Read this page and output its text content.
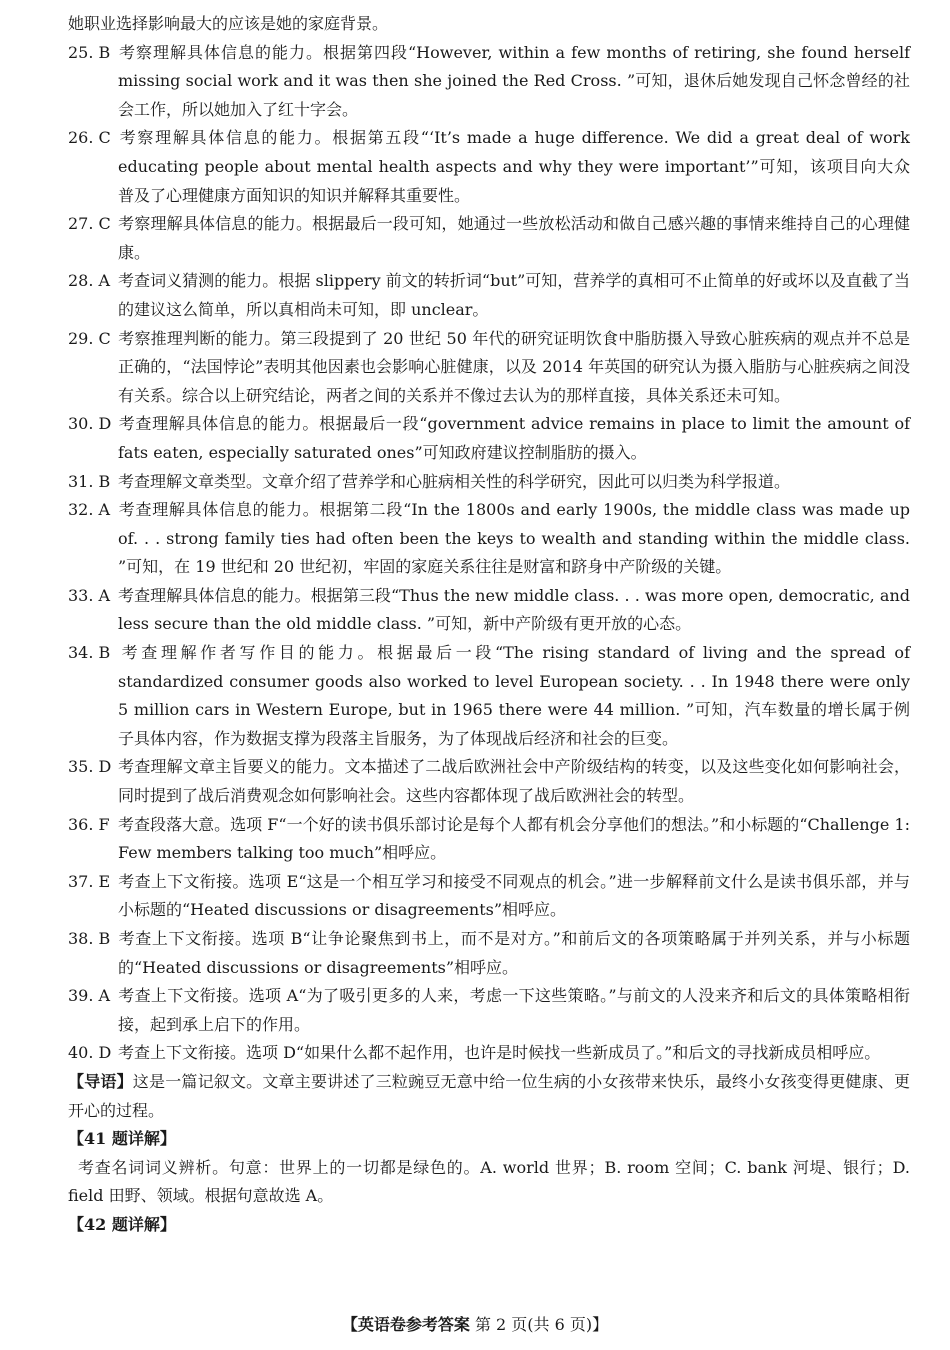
她职业选择影响最大的应该是她的家庭背景。

25. B 考察理解具体信息的能力。根据第四段“However, within a few months of retiring, she found herself missing social work and it was then she joined the Red Cross. ”可知，退休后她发现自己怀念曾经的社会工作，所以她加入了红十字会。

26. C 考察理解具体信息的能力。根据第五段“‘It’s made a huge difference. We did a great deal of work educating people about mental health aspects and why they were important’”可知，该项目向大众普及了心理健康方面知识的知识并解释其重要性。

27. C 考察理解具体信息的能力。根据最后一段可知，她通过一些放松活动和做自己感兴趣的事情来维持自己的心理健康。

28. A 考查词义猜测的能力。根据 slippery 前文的转折词“but”可知，营养学的真相可不止简单的好或坏以及直截了当的建议这么简单，所以真相尚未可知，即 unclear。

29. C 考察推理判断的能力。第三段提到了 20 世纪 50 年代的研究证明饮食中脂肪摄入导致心脏疾病的观点并不总是正确的，“法国悖论”表明其他因素也会影响心脏健康，以及 2014 年英国的研究认为摄入脂肪与心脏疾病之间没有关系。综合以上研究结论，两者之间的关系并不像过去认为的那样直接，具体关系还未可知。

30. D 考查理解具体信息的能力。根据最后一段“government advice remains in place to limit the amount of fats eaten, especially saturated ones”可知政府建议控制脂肪的摄入。

31. B 考查理解文章类型。文章介绍了营养学和心脏病相关性的科学研究，因此可以归类为科学报道。

32. A 考查理解具体信息的能力。根据第二段“In the 1800s and early 1900s, the middle class was made up of. . . strong family ties had often been the keys to wealth and standing within the middle class. ”可知，在 19 世纪和 20 世纪初，牢固的家庭关系往往是财富和跻身中产阶级的关键。

33. A 考查理解具体信息的能力。根据第三段“Thus the new middle class. . . was more open, democratic, and less secure than the old middle class. ”可知，新中产阶级有更开放的心态。

34. B 考查理解作者写作目的能力。根据最后一段“The rising standard of living and the spread of standardized consumer goods also worked to level European society. . . In 1948 there were only 5 million cars in Western Europe, but in 1965 there were 44 million. ”可知，汽车数量的增长属于例子具体内容，作为数据支撑为段落主旨服务，为了体现战后经济和社会的巨变。

35. D 考查理解文章主旨要义的能力。文本描述了二战后欧洲社会中产阶级结构的转变，以及这些变化如何影响社会，同时提到了战后消费观念如何影响社会。这些内容都体现了战后欧洲社会的转型。

36. F 考查段落大意。选项 F“一个好的读书俱乐部讨论是每个人都有机会分享他们的想法。”和小标题的“Challenge 1: Few members talking too much”相呼应。

37. E 考查上下文衔接。选项 E“这是一个相互学习和接受不同观点的机会。”进一步解释前文什么是读书俱乐部，并与小标题的“Heated discussions or disagreements”相呼应。

38. B 考查上下文衔接。选项 B“让争论聚焦到书上，而不是对方。”和前后文的各项策略属于并列关系，并与小标题的“Heated discussions or disagreements”相呼应。

39. A 考查上下文衔接。选项 A“为了吸引更多的人来，考虑一下这些策略。”与前文的人没来齐和后文的具体策略相衔接，起到承上启下的作用。

40. D 考查上下文衔接。选项 D“如果什么都不起作用，也许是时候找一些新成员了。”和后文的寻找新成员相呼应。

【导语】这是一篇记叙文。文章主要讲述了三粒豌豆无意中给一位生病的小女孩带来快乐，最终小女孩变得更健康、更开心的过程。

【41 题详解】

考查名词词义辨析。句意：世界上的一切都是绿色的。A. world 世界；B. room 空间；C. bank 河堤、银行；D. field 田野、领域。根据句意故选 A。

【42 题详解】

【英语卷参考答案 第 2 页(共 6 页)】
